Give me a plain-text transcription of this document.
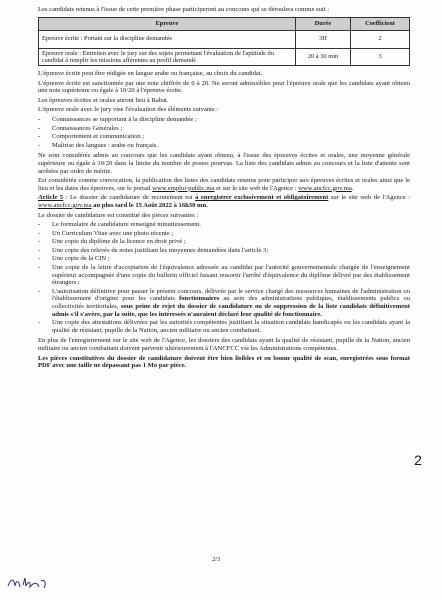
Les candidats retenus à l'issue de cette première phase participeront au concours qui se déroulera comme suit :

Epreuve	Durée	Coefficient
Epreuve écrite : Portant sur la discipline demandée	3H	2
Epreuve orale : Entretien avec le jury sur des sujets permettant l'évaluation de l'aptitude du candidat à remplir les missions afférentes au profil demandé	20 à 30 min	3

L'épreuve écrite peut être rédigée en langue arabe ou française, au choix du candidat.

L'épreuve écrite est sanctionnée par une note chiffrée de 0 à 20. Ne seront admissibles pour l'épreuve orale que les candidats ayant obtenu une note supérieure ou égale à 10/20 à l'épreuve écrite.

Les épreuves écrites et orales auront lieu à Rabat.

L'épreuve orale avec le jury vise l'évaluation des éléments suivants :

- Connaissances se rapportant à la discipline demandée ;
- Connaissances Générales ;
- Comportement et communication ;
- Maîtrise des langues : arabe ou français.

Ne sont considérés admis au concours que les candidats ayant obtenu, à l'issue des épreuves écrites et orales, une moyenne générale supérieure ou égale à 10/20 dans la limite du nombre de postes pourvus. La liste des candidats admis au concours et la liste d'attente sont arrêtées par ordre de mérite.

Est considérée comme convocation, la publication des listes des candidats retenus pour participer aux épreuves écrites et orales ainsi que le lieu et les dates des épreuves, sur le portail www.emploi-public.ma et sur le site web de l'Agence : www.ancfcc.gov.ma.

Article 5 : Le dossier de candidature de recrutement est à enregistrer exclusivement et obligatoirement sur le site web de l'Agence : www.ancfcc.gov.ma au plus tard le 15 Août 2022 à 16h30 mn.

Le dossier de candidature est constitué des pièces suivantes :

- Le formulaire de candidature renseigné minutieusement.
- Un Curriculum Vitae avec une photo récente ;
- Une copie du diplôme de la licence en droit privé ;
- Une copie des relevés de notes justifiant les moyennes demandées dans l'article 3;
- Une copie de la CIN ;
- Une copie de la lettre d'acceptation de l'équivalence adressée au candidat par l'autorité gouvernementale chargée de l'enseignement supérieur accompagnée d'une copie du bulletin officiel faisant ressortir l'arrêté d'équivalence du diplôme délivré par des établissement étrangers ;
- L'autorisation définitive pour passer le présent concours, délivrée par le service chargé des ressources humaines de l'administration ou l'établissement d'origine pour les candidats fonctionnaires au sein des administrations publiques, établissements publics ou collectivités territoriales, sous peine de rejet du dossier de candidature ou de suppression de la liste candidats définitivement admis s'il s'avère, par la suite, que les intéressés n'auraient déclaré leur qualité de fonctionnaire.
- Une copie des attestations délivrées par les autorités compétentes justifiant la situation candidats handicapés ou les candidats ayant la qualité de résistant, pupille de la Nation, ancien militaire ou ancien combattant.

En plus de l'enregistrement sur le site web de l'Agence, les dossiers des candidats ayant la qualité de résistant, pupille de la Nation, ancien militaire ou ancien combattant doivent parvenir ultérieurement à l'ANCFCC via les Administrations compétentes.

Les pièces constitutives du dossier de candidature doivent être bien lisibles et en bonne qualité de scan, enregistrées sous format PDF avec une taille ne dépassant pas 1 Mo par pièce.

2/3
2
